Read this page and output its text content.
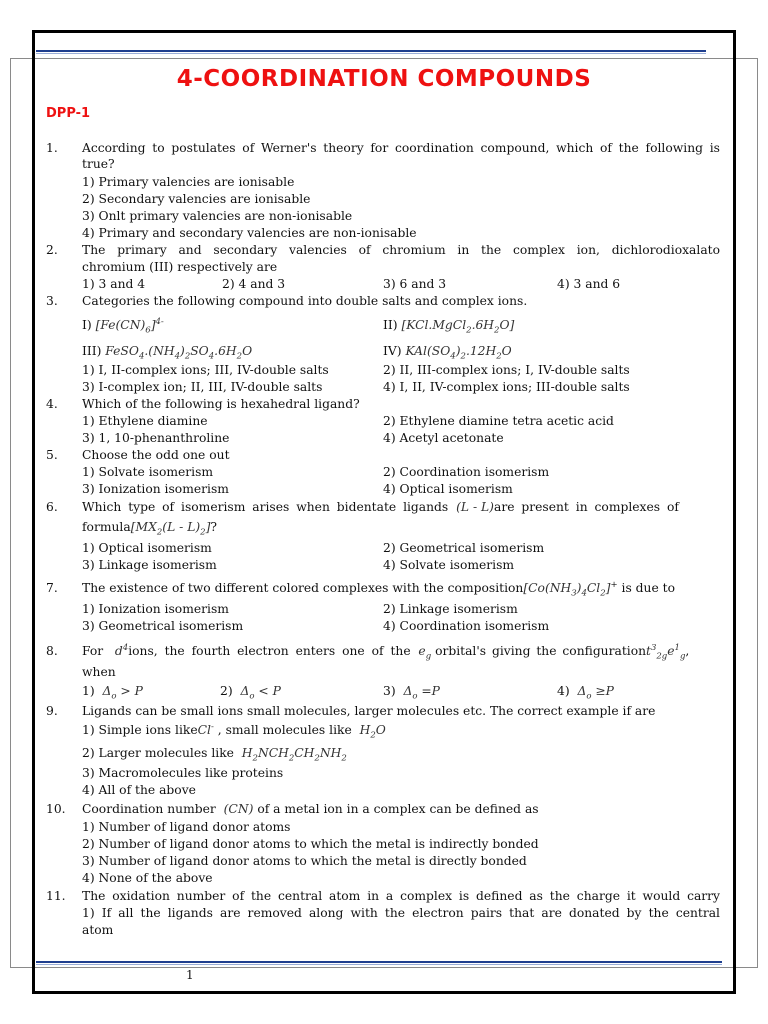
4-COORDINATION COMPOUNDS
DPP-1
1. According to postulates of Werner's theory for coordination compound, which of the following is
true?
1) Primary valencies are ionisable
2) Secondary valencies are ionisable
3) Onlt primary valencies are non-ionisable
4) Primary and secondary valencies are non-ionisable
2. The primary and secondary valencies of chromium in the complex ion, dichlorodioxalato
chromium (III) respectively are
1) 3 and 4	2) 4 and 3	3) 6 and 3	4) 3 and 6
3. Categories the following compound into double salts and complex ions.
I) $[Fe(CN)_6]^{4-}$	II) $[KCl.MgCl_2.6H_2O]$
III) $FeSO_4.(NH_4)_2SO_4.6H_2O$	IV) $KAl(SO_4)_2.12H_2O$
1) I, II-complex ions; III, IV-double salts	2) II, III-complex ions; I, IV-double salts
3) I-complex ion; II, III, IV-double salts	4) I, II, IV-complex ions; III-double salts
4. Which of the following is hexahedral ligand?
1) Ethylene diamine	2) Ethylene diamine tetra acetic acid
3) 1, 10-phenanthroline	4) Acetyl acetonate
5. Choose the odd one out
1) Solvate isomerism	2) Coordination isomerism
3) Ionization isomerism	4) Optical isomerism
6. Which type of isomerism arises when bidentate ligands (L - L)are present in complexes of
$formula[MX_2(L - L)_2]$?
1) Optical isomerism	2) Geometrical isomerism
3) Linkage isomerism	4) Solvate isomerism
7. The existence of two different colored complexes with the $composition[Co(NH_3)_4Cl_2]^+$ is due to
1) Ionization isomerism	2) Linkage isomerism
3) Geometrical isomerism	4) Coordination isomerism
8. For $d^4ions$, the fourth electron enters one of the $e_g$ orbital's giving the $configurationt^3_{2g}e^1_g$,
when
1) $\Delta_o > P$	2) $\Delta_o < P$	3) $\Delta_o =P$	4) $\Delta_o \ge P$
9. Ligands can be small ions small molecules, larger molecules etc. The correct example if are
1) Simple ions likeCl- , small molecules like $H_2O$
2) Larger molecules like $H_2NCH_2CH_2NH_2$
3) Macromolecules like proteins
4) All of the above
10. Coordination number (CN) of a metal ion in a complex can be defined as
1) Number of ligand donor atoms
2) Number of ligand donor atoms to which the metal is indirectly bonded
3) Number of ligand donor atoms to which the metal is directly bonded
4) None of the above
11. The oxidation number of the central atom in a complex is defined as the charge it would carry
1) If all the ligands are removed along with the electron pairs that are donated by the central
atom
1
